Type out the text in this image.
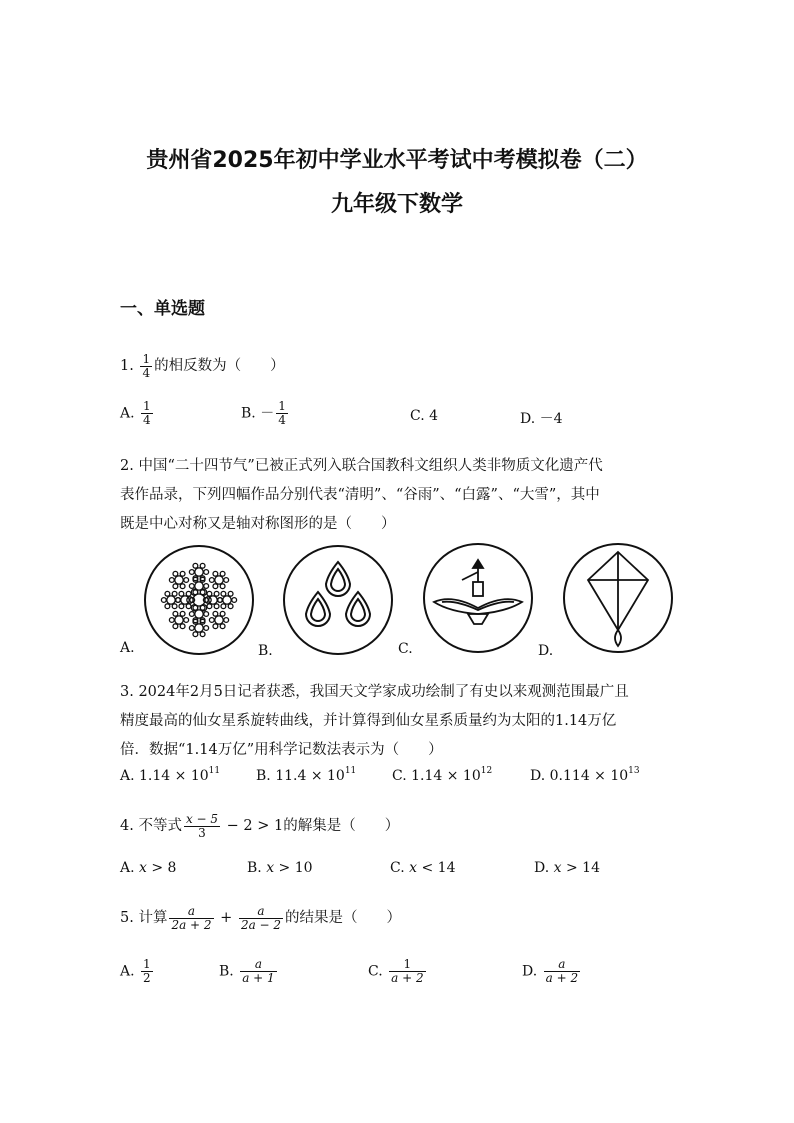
贵州省2025年初中学业水平考试中考模拟卷（二）
九年级下数学
一、单选题
1. $\frac{1}{4}$ 的相反数为（　　）
A. $\frac{1}{4}$	B. － $\frac{1}{4}$	C. 4	D. －4
2. 中国“二十四节气”已被正式列入联合国教科文组织人类非物质文化遗产代
表作品录，下列四幅作品分别代表“清明”、“谷雨”、“白露”、“大雪”，其中
既是中心对称又是轴对称图形的是（　　）
A.	B.	C.	D.
3. 2024年2月5日记者获悉，我国天文学家成功绘制了有史以来观测范围最广且
精度最高的仙女星系旋转曲线，并计算得到仙女星系质量约为太阳的1.14万亿
倍．数据“1.14万亿”用科学记数法表示为（　　）
A. $1.14 \times 10^{11}$	B. $11.4 \times 10^{11}$	C. $1.14 \times 10^{12}$	D. $0.114 \times 10^{13}$
4. 不等式 $\frac{x - 5}{3} - 2 > 1$的解集是（　　）
A. x > 8	B. x > 10	C. x < 14	D. x > 14
5. 计算 $\frac{a}{2a + 2} + \frac{a}{2a - 2}$ 的结果是（　　）
A. $\frac{1}{2}$	B. $\frac{a}{a + 1}$	C. $\frac{1}{a + 2}$	D. $\frac{a}{a + 2}$
